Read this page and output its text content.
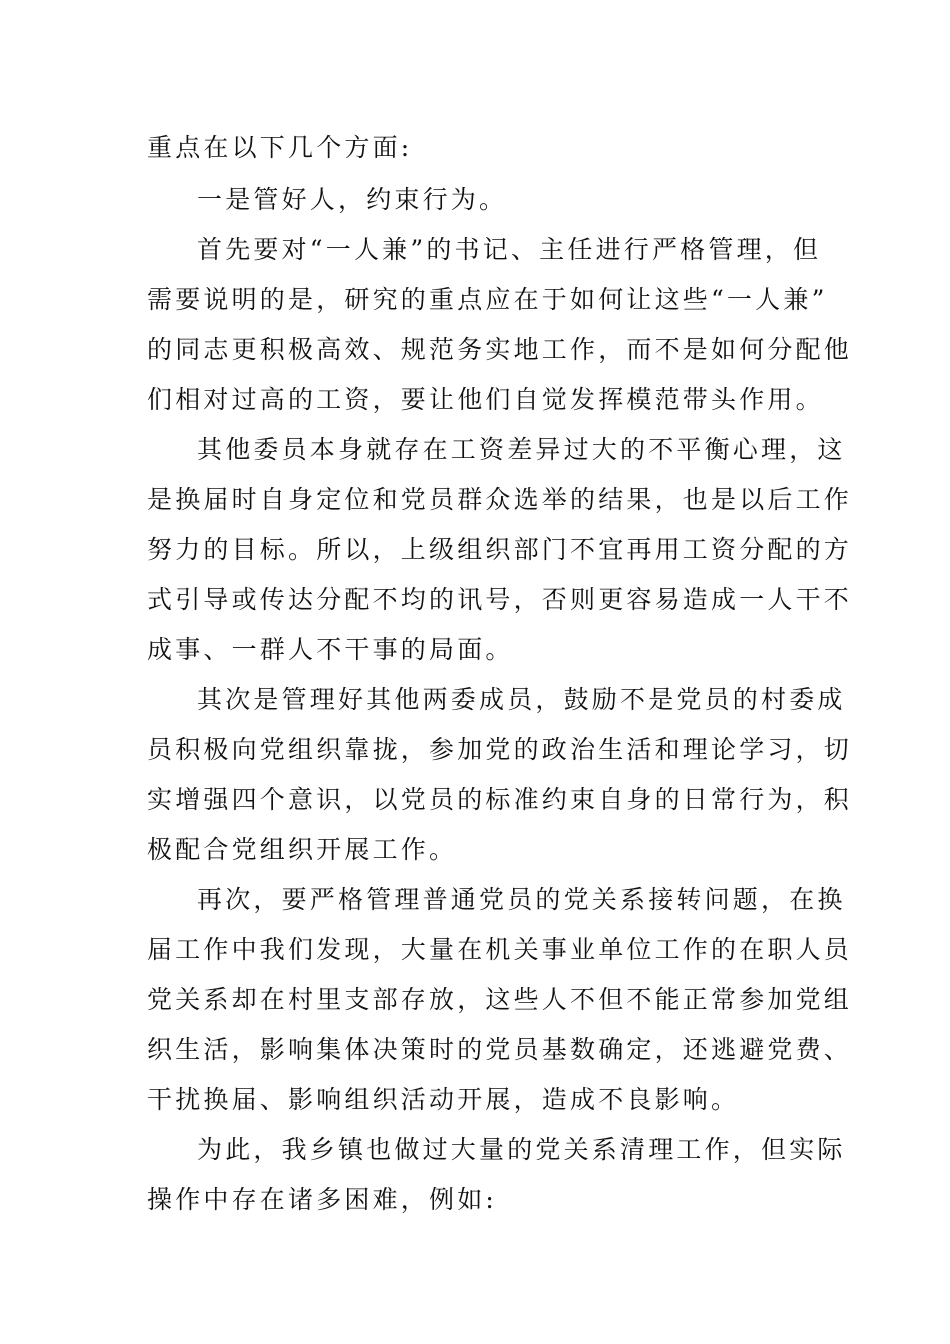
重点在以下几个方面:
一是管好人，约束行为。
首先要对“一人兼”的书记、主任进行严格管理，但
需要说明的是，研究的重点应在于如何让这些“一人兼”
的同志更积极高效、规范务实地工作，而不是如何分配他
们相对过高的工资，要让他们自觉发挥模范带头作用。
其他委员本身就存在工资差异过大的不平衡心理，这
是换届时自身定位和党员群众选举的结果，也是以后工作
努力的目标。所以，上级组织部门不宜再用工资分配的方
式引导或传达分配不均的讯号，否则更容易造成一人干不
成事、一群人不干事的局面。
其次是管理好其他两委成员，鼓励不是党员的村委成
员积极向党组织靠拢，参加党的政治生活和理论学习，切
实增强四个意识，以党员的标准约束自身的日常行为，积
极配合党组织开展工作。
再次，要严格管理普通党员的党关系接转问题，在换
届工作中我们发现，大量在机关事业单位工作的在职人员
党关系却在村里支部存放，这些人不但不能正常参加党组
织生活，影响集体决策时的党员基数确定，还逃避党费、
干扰换届、影响组织活动开展，造成不良影响。
为此，我乡镇也做过大量的党关系清理工作，但实际
操作中存在诸多困难，例如:
